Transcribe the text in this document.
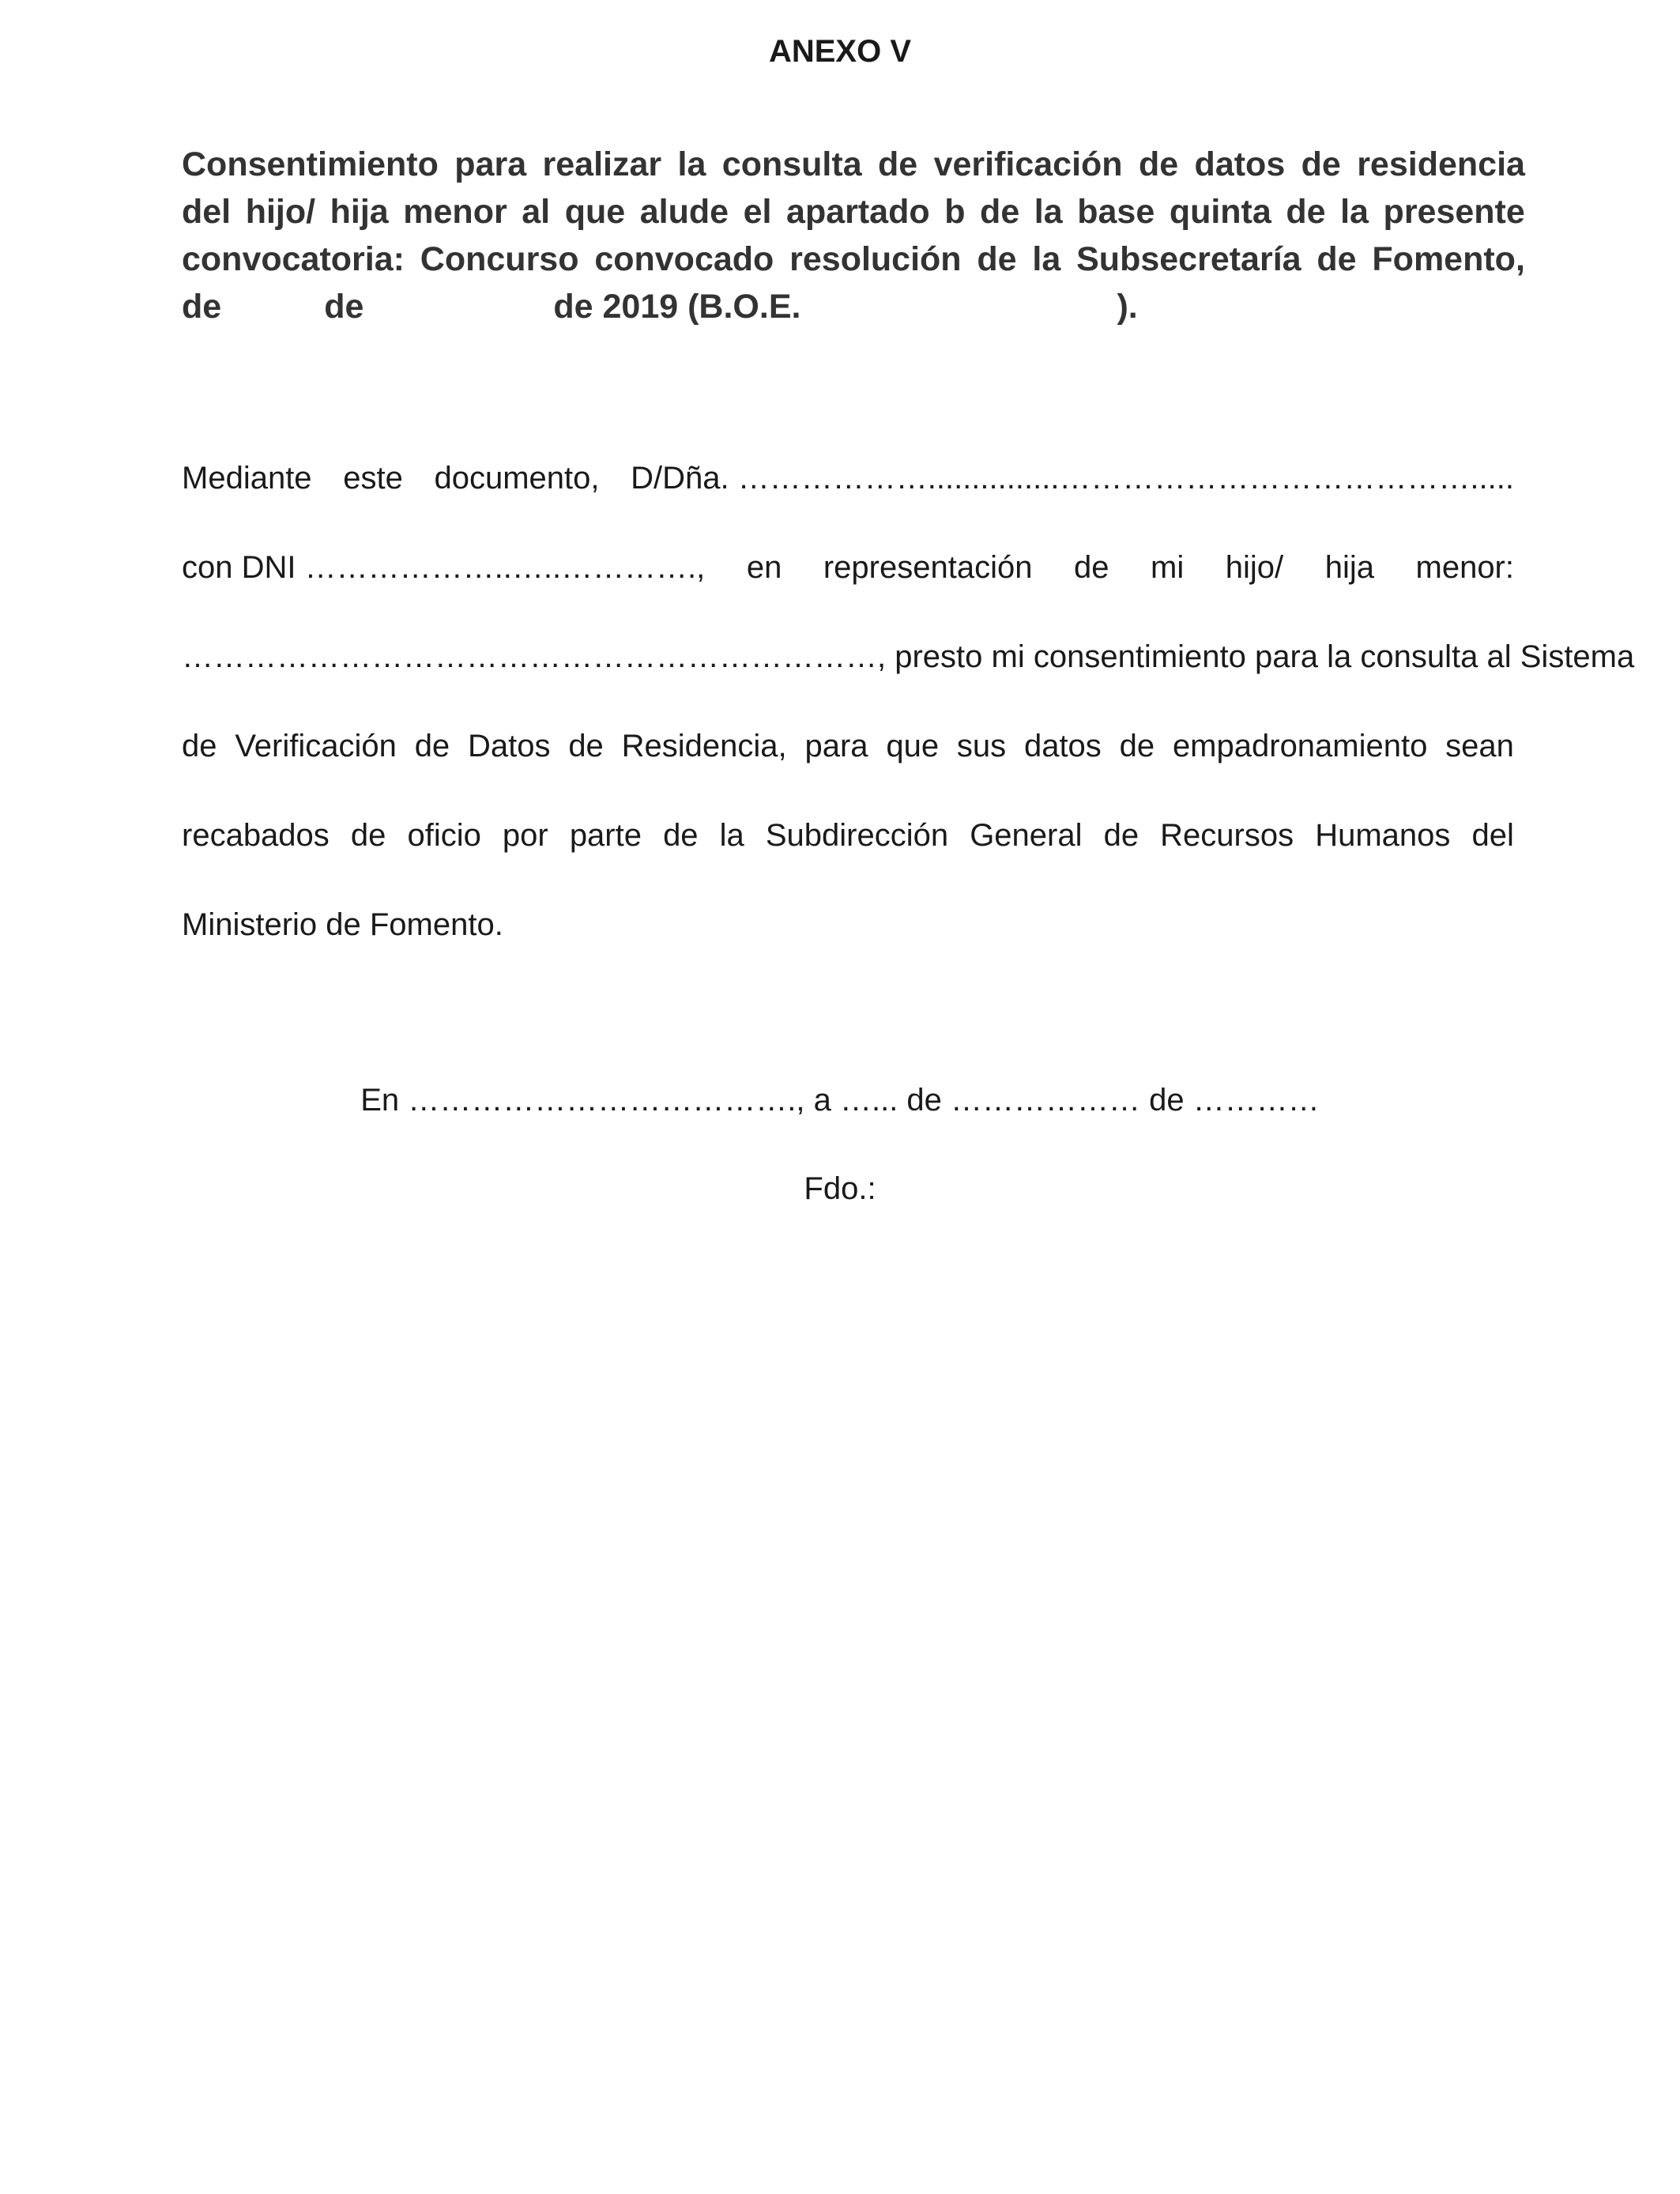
ANEXO V
Consentimiento para realizar la consulta de verificación de datos de residencia
del hijo/ hija menor al que alude el apartado b de la base quinta de la presente
convocatoria: Concurso convocado resolución de la Subsecretaría de Fomento,
de	de	de 2019 (B.O.E.	).
Mediante este documento, D/Dña. ………………...............………………………………….....
con DNI ………………..…..…………., en representación de mi hijo/ hija menor:
…………………………………………………………, presto mi consentimiento para la consulta al Sistema
de Verificación de Datos de Residencia, para que sus datos de empadronamiento sean
recabados de oficio por parte de la Subdirección General de Recursos Humanos del
Ministerio de Fomento.
En ………………………………., a …... de ……………… de …………
Fdo.:
